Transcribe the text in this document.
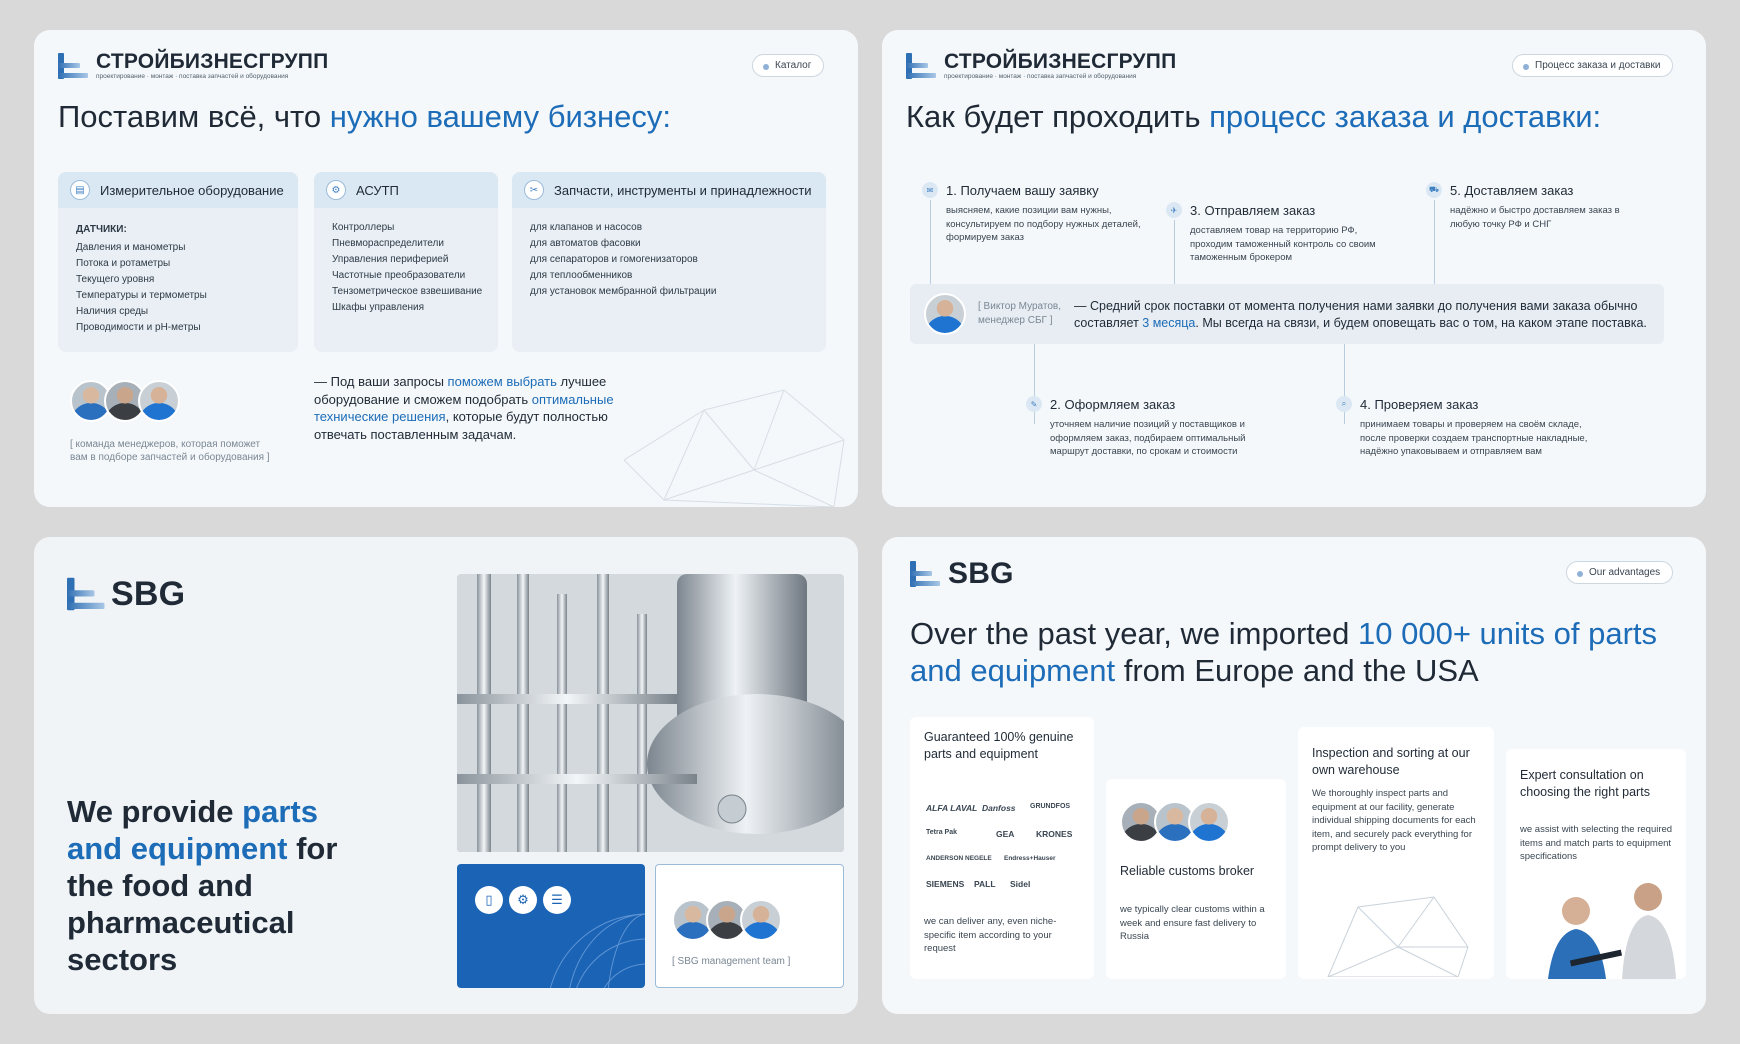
СТРОЙБИЗНЕСГРУПП
проектирование · монтаж · поставка запчастей и оборудования
Каталог
Поставим всё, что нужно вашему бизнесу:
▤	Измерительное оборудование
ДАТЧИКИ:
Давления и манометры
Потока и ротаметры
Текущего уровня
Температуры и термометры
Наличия среды
Проводимости и pH-метры
⚙	АСУТП
Контроллеры
Пневмораспределители
Управления периферией
Частотные преобразователи
Тензометрическое взвешивание
Шкафы управления
✂	Запчасти, инструменты и принадлежности
для клапанов и насосов
для автоматов фасовки
для сепараторов и гомогенизаторов
для теплообменников
для установок мембранной фильтрации
[ команда менеджеров, которая поможет вам в подборе запчастей и оборудования ]

— Под ваши запросы поможем выбрать лучшее оборудование и сможем подобрать оптимальные технические решения, которые будут полностью отвечать поставленным задачам.

СТРОЙБИЗНЕСГРУПП
проектирование · монтаж · поставка запчастей и оборудования
Процесс заказа и доставки
Как будет проходить процесс заказа и доставки:
✉ 1. Получаем вашу заявку
выясняем, какие позиции вам нужны, консультируем по подбору нужных деталей, формируем заказ
✈ 3. Отправляем заказ
доставляем товар на территорию РФ, проходим таможенный контроль со своим таможенным брокером
⛟ 5. Доставляем заказ
надёжно и быстро доставляем заказ в любую точку РФ и СНГ
[ Виктор Муратов, менеджер СБГ ]
— Средний срок поставки от момента получения нами заявки до получения вами заказа обычно составляет 3 месяца. Мы всегда на связи, и будем оповещать вас о том, на каком этапе поставка.
✎ 2. Оформляем заказ
уточняем наличие позиций у поставщиков и оформляем заказ, подбираем оптимальный маршрут доставки, по срокам и стоимости
⌕	4. Проверяем заказ
принимаем товары и проверяем на своём складе, после проверки создаем транспортные накладные, надёжно упаковываем и отправляем вам
SBG
We provide parts and equipment for the food and pharmaceutical sectors
▯	⚙	☰
[ SBG management team ]
SBG	Our advantages
Over the past year, we imported 10 000+ units of parts and equipment from Europe and the USA
Guaranteed 100% genuine parts and equipment
ALFA LAVAL Danfoss GRUNDFOS
Tetra Pak	GEA	KRONES
ANDERSON NEGELE Endress+Hauser
SIEMENS PALL Sidel
we can deliver any, even niche-specific item according to your request
Reliable customs broker
we typically clear customs within a week and ensure fast delivery to Russia
Inspection and sorting at our own warehouse
We thoroughly inspect parts and equipment at our facility, generate individual shipping documents for each item, and securely pack everything for prompt delivery to you
Expert consultation on choosing the right parts
we assist with selecting the required items and match parts to equipment specifications
